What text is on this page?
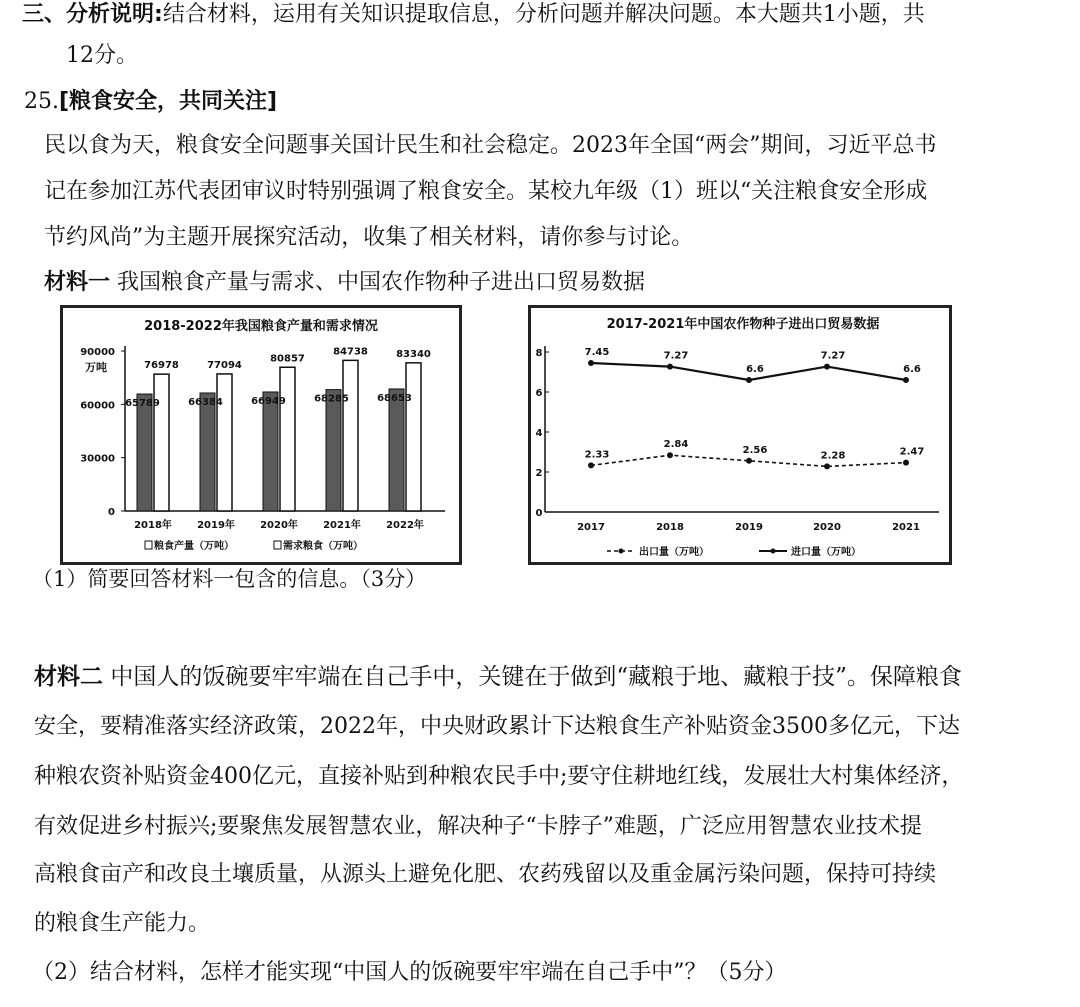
三、分析说明:结合材料，运用有关知识提取信息，分析问题并解决问题。本大题共1小题，共
12分。
25.[粮食安全，共同关注]
民以食为天，粮食安全问题事关国计民生和社会稳定。2023年全国“两会”期间，习近平总书
记在参加江苏代表团审议时特别强调了粮食安全。某校九年级（1）班以“关注粮食安全形成
节约风尚”为主题开展探究活动，收集了相关材料，请你参与讨论。
材料一 我国粮食产量与需求、中国农作物种子进出口贸易数据
2018-2022年我国粮食产量和需求情况
万吨
0
30000
60000
90000
65789
76978
66384
77094
66949
80857
68285
84738
68653
83340
2018年	2019年	2020年	2021年	2022年
粮食产量（万吨）	需求粮食（万吨）
2017-2021年中国农作物种子进出口贸易数据
0
2
4
6
8
2.33
2.84
2.56
2.28	2.47
7.45	7.27
6.6
7.27
6.6
2017	2018	2019	2020	2021
出口量（万吨）	进口量（万吨）
（1）简要回答材料一包含的信息。（3分）
材料二 中国人的饭碗要牢牢端在自己手中，关键在于做到“藏粮于地、藏粮于技”。保障粮食
安全，要精准落实经济政策，2022年，中央财政累计下达粮食生产补贴资金3500多亿元，下达
种粮农资补贴资金400亿元，直接补贴到种粮农民手中;要守住耕地红线，发展壮大村集体经济，
有效促进乡村振兴;要聚焦发展智慧农业，解决种子“卡脖子”难题，广泛应用智慧农业技术提
高粮食亩产和改良土壤质量，从源头上避免化肥、农药残留以及重金属污染问题，保持可持续
的粮食生产能力。
（2）结合材料，怎样才能实现“中国人的饭碗要牢牢端在自己手中”？（5分）
